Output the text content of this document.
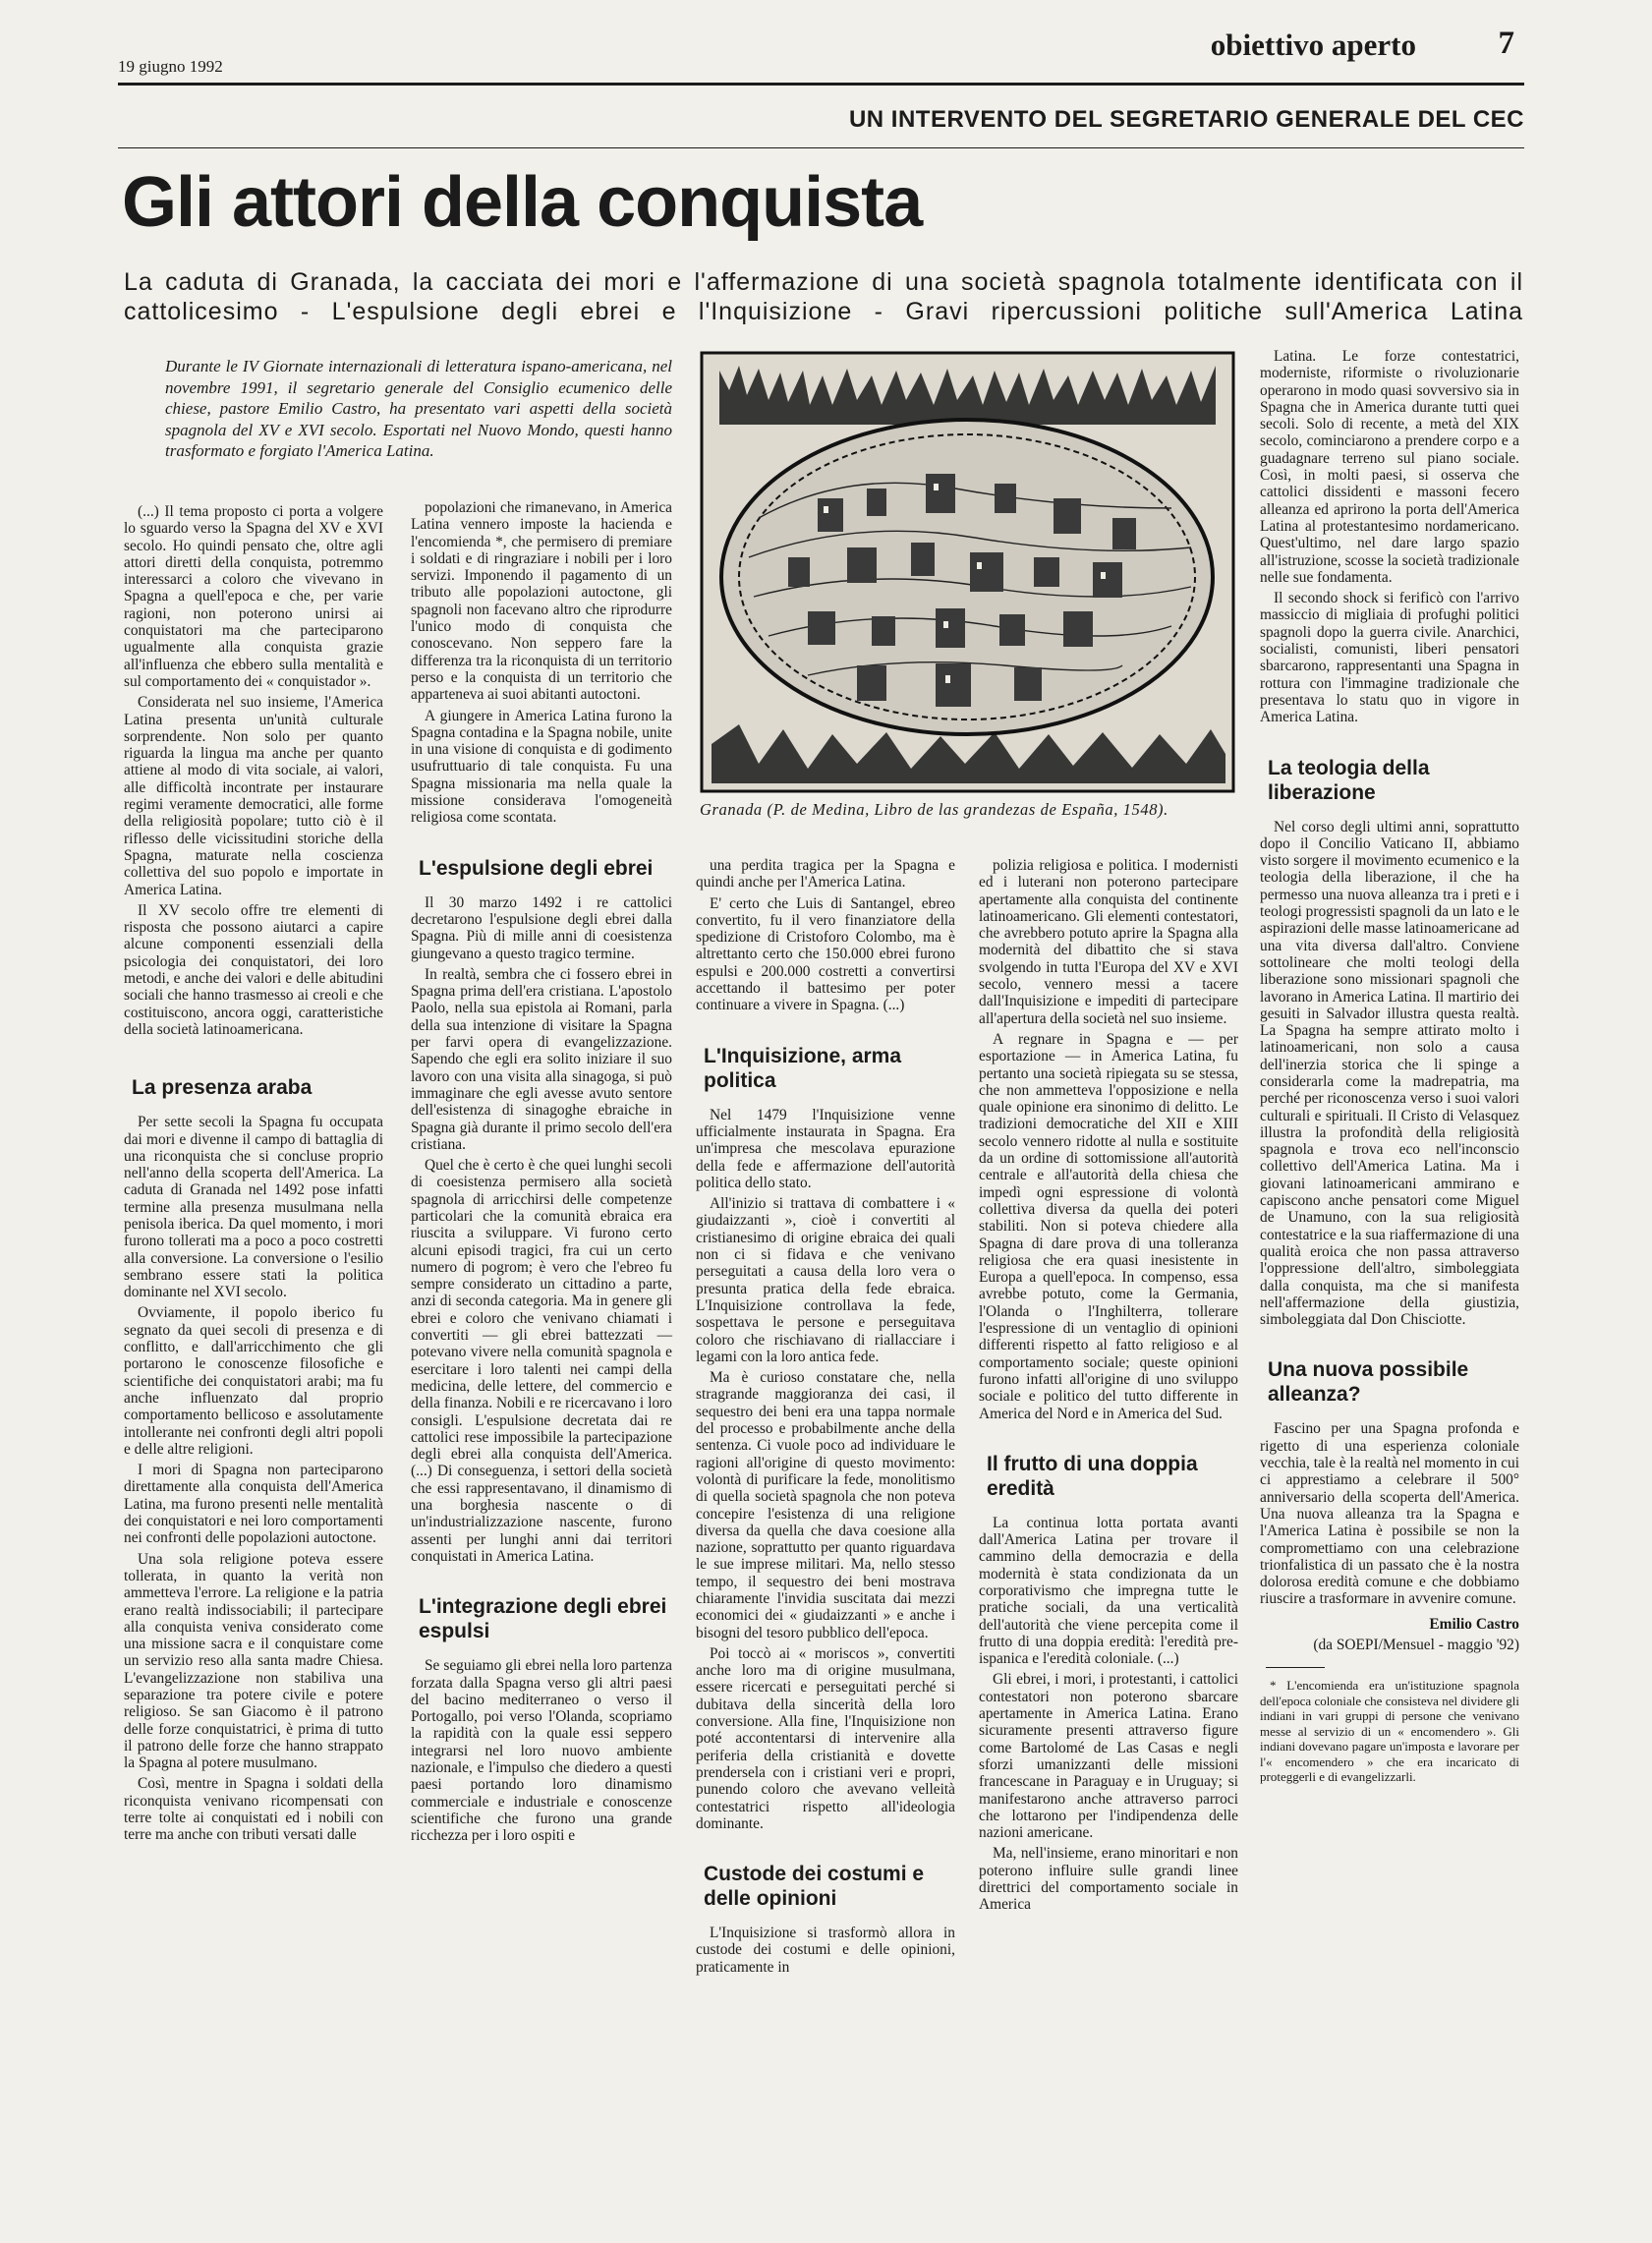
19 giugno 1992
obiettivo aperto	7
UN INTERVENTO DEL SEGRETARIO GENERALE DEL CEC
Gli attori della conquista
La caduta di Granada, la cacciata dei mori e l'affermazione di una società spagnola totalmente identificata con il cattolicesimo - L'espulsione degli ebrei e l'Inquisizione - Gravi ripercussioni politiche sull'America Latina
Durante le IV Giornate internazionali di letteratura ispano-americana, nel novembre 1991, il segretario generale del Consiglio ecumenico delle chiese, pastore Emilio Castro, ha presentato vari aspetti della società spagnola del XV e XVI secolo. Esportati nel Nuovo Mondo, questi hanno trasformato e forgiato l'America Latina.

(...) Il tema proposto ci porta a volgere lo sguardo verso la Spagna del XV e XVI secolo. Ho quindi pensato che, oltre agli attori diretti della conquista, potremmo interessarci a coloro che vivevano in Spagna a quell'epoca e che, per varie ragioni, non poterono unirsi ai conquistatori ma che parteciparono ugualmente alla conquista grazie all'influenza che ebbero sulla mentalità e sul comportamento dei « conquistador ».

Considerata nel suo insieme, l'America Latina presenta un'unità culturale sorprendente. Non solo per quanto riguarda la lingua ma anche per quanto attiene al modo di vita sociale, ai valori, alle difficoltà incontrate per instaurare regimi veramente democratici, alle forme della religiosità popolare; tutto ciò è il riflesso delle vicissitudini storiche della Spagna, maturate nella coscienza collettiva del suo popolo e importate in America Latina.

Il XV secolo offre tre elementi di risposta che possono aiutarci a capire alcune componenti essenziali della psicologia dei conquistatori, dei loro metodi, e anche dei valori e delle abitudini sociali che hanno trasmesso ai creoli e che costituiscono, ancora oggi, caratteristiche della società latinoamericana.

La presenza araba

Per sette secoli la Spagna fu occupata dai mori e divenne il campo di battaglia di una riconquista che si concluse proprio nell'anno della scoperta dell'America. La caduta di Granada nel 1492 pose infatti termine alla presenza musulmana nella penisola iberica. Da quel momento, i mori furono tollerati ma a poco a poco costretti alla conversione. La conversione o l'esilio sembrano essere stati la politica dominante nel XVI secolo.

Ovviamente, il popolo iberico fu segnato da quei secoli di presenza e di conflitto, e dall'arricchimento che gli portarono le conoscenze filosofiche e scientifiche dei conquistatori arabi; ma fu anche influenzato dal proprio comportamento bellicoso e assolutamente intollerante nei confronti degli altri popoli e delle altre religioni.

I mori di Spagna non parteciparono direttamente alla conquista dell'America Latina, ma furono presenti nelle mentalità dei conquistatori e nei loro comportamenti nei confronti delle popolazioni autoctone.

Una sola religione poteva essere tollerata, in quanto la verità non ammetteva l'errore. La religione e la patria erano realtà indissociabili; il partecipare alla conquista veniva considerato come una missione sacra e il conquistare come un servizio reso alla santa madre Chiesa. L'evangelizzazione non stabiliva una separazione tra potere civile e potere religioso. Se san Giacomo è il patrono delle forze conquistatrici, è prima di tutto il patrono delle forze che hanno strappato la Spagna al potere musulmano.

Così, mentre in Spagna i soldati della riconquista venivano ricompensati con terre tolte ai conquistati ed i nobili con terre ma anche con tributi versati dalle

popolazioni che rimanevano, in America Latina vennero imposte la hacienda e l'encomienda *, che permisero di premiare i soldati e di ringraziare i nobili per i loro servizi. Imponendo il pagamento di un tributo alle popolazioni autoctone, gli spagnoli non facevano altro che riprodurre l'unico modo di conquista che conoscevano. Non seppero fare la differenza tra la riconquista di un territorio perso e la conquista di un territorio che apparteneva ai suoi abitanti autoctoni.

A giungere in America Latina furono la Spagna contadina e la Spagna nobile, unite in una visione di conquista e di godimento usufruttuario di tale conquista. Fu una Spagna missionaria ma nella quale la missione considerava l'omogeneità religiosa come scontata.

L'espulsione degli ebrei

Il 30 marzo 1492 i re cattolici decretarono l'espulsione degli ebrei dalla Spagna. Più di mille anni di coesistenza giungevano a questo tragico termine.

In realtà, sembra che ci fossero ebrei in Spagna prima dell'era cristiana. L'apostolo Paolo, nella sua epistola ai Romani, parla della sua intenzione di visitare la Spagna per farvi opera di evangelizzazione. Sapendo che egli era solito iniziare il suo lavoro con una visita alla sinagoga, si può immaginare che egli avesse avuto sentore dell'esistenza di sinagoghe ebraiche in Spagna già durante il primo secolo dell'era cristiana.

Quel che è certo è che quei lunghi secoli di coesistenza permisero alla società spagnola di arricchirsi delle competenze particolari che la comunità ebraica era riuscita a sviluppare. Vi furono certo alcuni episodi tragici, fra cui un certo numero di pogrom; è vero che l'ebreo fu sempre considerato un cittadino a parte, anzi di seconda categoria. Ma in genere gli ebrei e coloro che venivano chiamati i convertiti — gli ebrei battezzati — potevano vivere nella comunità spagnola e esercitare i loro talenti nei campi della medicina, delle lettere, del commercio e della finanza. Nobili e re ricercavano i loro consigli. L'espulsione decretata dai re cattolici rese impossibile la partecipazione degli ebrei alla conquista dell'America. (...) Di conseguenza, i settori della società che essi rappresentavano, il dinamismo di una borghesia nascente o di un'industrializzazione nascente, furono assenti per lunghi anni dai territori conquistati in America Latina.

L'integrazione degli ebrei espulsi

Se seguiamo gli ebrei nella loro partenza forzata dalla Spagna verso gli altri paesi del bacino mediterraneo o verso il Portogallo, poi verso l'Olanda, scopriamo la rapidità con la quale essi seppero integrarsi nel loro nuovo ambiente nazionale, e l'impulso che diedero a questi paesi portando loro dinamismo commerciale e industriale e conoscenze scientifiche che furono una grande ricchezza per i loro ospiti e

Granada (P. de Medina, Libro de las grandezas de España, 1548).

una perdita tragica per la Spagna e quindi anche per l'America Latina.

E' certo che Luis di Santangel, ebreo convertito, fu il vero finanziatore della spedizione di Cristoforo Colombo, ma è altrettanto certo che 150.000 ebrei furono espulsi e 200.000 costretti a convertirsi accettando il battesimo per poter continuare a vivere in Spagna. (...)

L'Inquisizione, arma politica

Nel 1479 l'Inquisizione venne ufficialmente instaurata in Spagna. Era un'impresa che mescolava epurazione della fede e affermazione dell'autorità politica dello stato.

All'inizio si trattava di combattere i « giudaizzanti », cioè i convertiti al cristianesimo di origine ebraica dei quali non ci si fidava e che venivano perseguitati a causa della loro vera o presunta pratica della fede ebraica. L'Inquisizione controllava la fede, sospettava le persone e perseguitava coloro che rischiavano di riallacciare i legami con la loro antica fede.

Ma è curioso constatare che, nella stragrande maggioranza dei casi, il sequestro dei beni era una tappa normale del processo e probabilmente anche della sentenza. Ci vuole poco ad individuare le ragioni all'origine di questo movimento: volontà di purificare la fede, monolitismo di quella società spagnola che non poteva concepire l'esistenza di una religione diversa da quella che dava coesione alla nazione, soprattutto per quanto riguardava le sue imprese militari. Ma, nello stesso tempo, il sequestro dei beni mostrava chiaramente l'invidia suscitata dai mezzi economici dei « giudaizzanti » e anche i bisogni del tesoro pubblico dell'epoca.

Poi toccò ai « moriscos », convertiti anche loro ma di origine musulmana, essere ricercati e perseguitati perché si dubitava della sincerità della loro conversione. Alla fine, l'Inquisizione non poté accontentarsi di intervenire alla periferia della cristianità e dovette prendersela con i cristiani veri e propri, punendo coloro che avevano velleità contestatrici rispetto all'ideologia dominante.

Custode dei costumi e delle opinioni

L'Inquisizione si trasformò allora in custode dei costumi e delle opinioni, praticamente in

polizia religiosa e politica. I modernisti ed i luterani non poterono partecipare apertamente alla conquista del continente latinoamericano. Gli elementi contestatori, che avrebbero potuto aprire la Spagna alla modernità del dibattito che si stava svolgendo in tutta l'Europa del XV e XVI secolo, vennero messi a tacere dall'Inquisizione e impediti di partecipare all'apertura della società nel suo insieme.

A regnare in Spagna e — per esportazione — in America Latina, fu pertanto una società ripiegata su se stessa, che non ammetteva l'opposizione e nella quale opinione era sinonimo di delitto. Le tradizioni democratiche del XII e XIII secolo vennero ridotte al nulla e sostituite da un ordine di sottomissione all'autorità centrale e all'autorità della chiesa che impedì ogni espressione di volontà collettiva diversa da quella dei poteri stabiliti. Non si poteva chiedere alla Spagna di dare prova di una tolleranza religiosa che era quasi inesistente in Europa a quell'epoca. In compenso, essa avrebbe potuto, come la Germania, l'Olanda o l'Inghilterra, tollerare l'espressione di un ventaglio di opinioni differenti rispetto al fatto religioso e al comportamento sociale; queste opinioni furono infatti all'origine di uno sviluppo sociale e politico del tutto differente in America del Nord e in America del Sud.

Il frutto di una doppia eredità

La continua lotta portata avanti dall'America Latina per trovare il cammino della democrazia e della modernità è stata condizionata da un corporativismo che impregna tutte le pratiche sociali, da una verticalità dell'autorità che viene percepita come il frutto di una doppia eredità: l'eredità pre-ispanica e l'eredità coloniale. (...)

Gli ebrei, i mori, i protestanti, i cattolici contestatori non poterono sbarcare apertamente in America Latina. Erano sicuramente presenti attraverso figure come Bartolomé de Las Casas e negli sforzi umanizzanti delle missioni francescane in Paraguay e in Uruguay; si manifestarono anche attraverso parroci che lottarono per l'indipendenza delle nazioni americane.

Ma, nell'insieme, erano minoritari e non poterono influire sulle grandi linee direttrici del comportamento sociale in America

Latina. Le forze contestatrici, moderniste, riformiste o rivoluzionarie operarono in modo quasi sovversivo sia in Spagna che in America durante tutti quei secoli. Solo di recente, a metà del XIX secolo, cominciarono a prendere corpo e a guadagnare terreno sul piano sociale. Così, in molti paesi, si osserva che cattolici dissidenti e massoni fecero alleanza ed aprirono la porta dell'America Latina al protestantesimo nordamericano. Quest'ultimo, nel dare largo spazio all'istruzione, scosse la società tradizionale nelle sue fondamenta.

Il secondo shock si ferificò con l'arrivo massiccio di migliaia di profughi politici spagnoli dopo la guerra civile. Anarchici, socialisti, comunisti, liberi pensatori sbarcarono, rappresentanti una Spagna in rottura con l'immagine tradizionale che presentava lo statu quo in vigore in America Latina.

La teologia della liberazione

Nel corso degli ultimi anni, soprattutto dopo il Concilio Vaticano II, abbiamo visto sorgere il movimento ecumenico e la teologia della liberazione, il che ha permesso una nuova alleanza tra i preti e i teologi progressisti spagnoli da un lato e le aspirazioni delle masse latinoamericane ad una vita diversa dall'altro. Conviene sottolineare che molti teologi della liberazione sono missionari spagnoli che lavorano in America Latina. Il martirio dei gesuiti in Salvador illustra questa realtà. La Spagna ha sempre attirato molto i latinoamericani, non solo a causa dell'inerzia storica che li spinge a considerarla come la madrepatria, ma perché per riconoscenza verso i suoi valori culturali e spirituali. Il Cristo di Velasquez illustra la profondità della religiosità spagnola e trova eco nell'inconscio collettivo dell'America Latina. Ma i giovani latinoamericani ammirano e capiscono anche pensatori come Miguel de Unamuno, con la sua religiosità contestatrice e la sua riaffermazione di una qualità eroica che non passa attraverso l'oppressione dell'altro, simboleggiata dalla conquista, ma che si manifesta nell'affermazione della giustizia, simboleggiata dal Don Chisciotte.

Una nuova possibile alleanza?

Fascino per una Spagna profonda e rigetto di una esperienza coloniale vecchia, tale è la realtà nel momento in cui ci apprestiamo a celebrare il 500° anniversario della scoperta dell'America. Una nuova alleanza tra la Spagna e l'America Latina è possibile se non la compromettiamo con una celebrazione trionfalistica di un passato che è la nostra dolorosa eredità comune e che dobbiamo riuscire a trasformare in avvenire comune.

Emilio Castro

(da SOEPI/Mensuel - maggio '92)

* L'encomienda era un'istituzione spagnola dell'epoca coloniale che consisteva nel dividere gli indiani in vari gruppi di persone che venivano messe al servizio di un « encomendero ». Gli indiani dovevano pagare un'imposta e lavorare per l'« encomendero » che era incaricato di proteggerli e di evangelizzarli.
